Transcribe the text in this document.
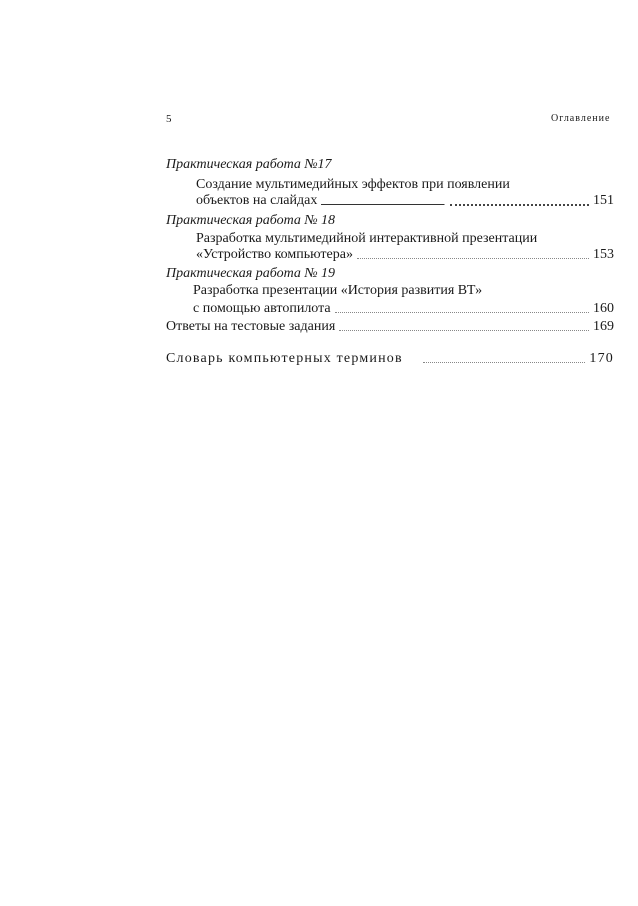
5	Оглавление
Практическая работа №17
Создание мультимедийных эффектов при появлении
объектов на слайдах	151
Практическая работа № 18
Разработка мультимедийной интерактивной презентации
«Устройство компьютера»	153
Практическая работа № 19
Разработка презентации «История развития ВТ»
с помощью автопилота	160
Ответы на тестовые задания	169
Словарь компьютерных терминов	170
